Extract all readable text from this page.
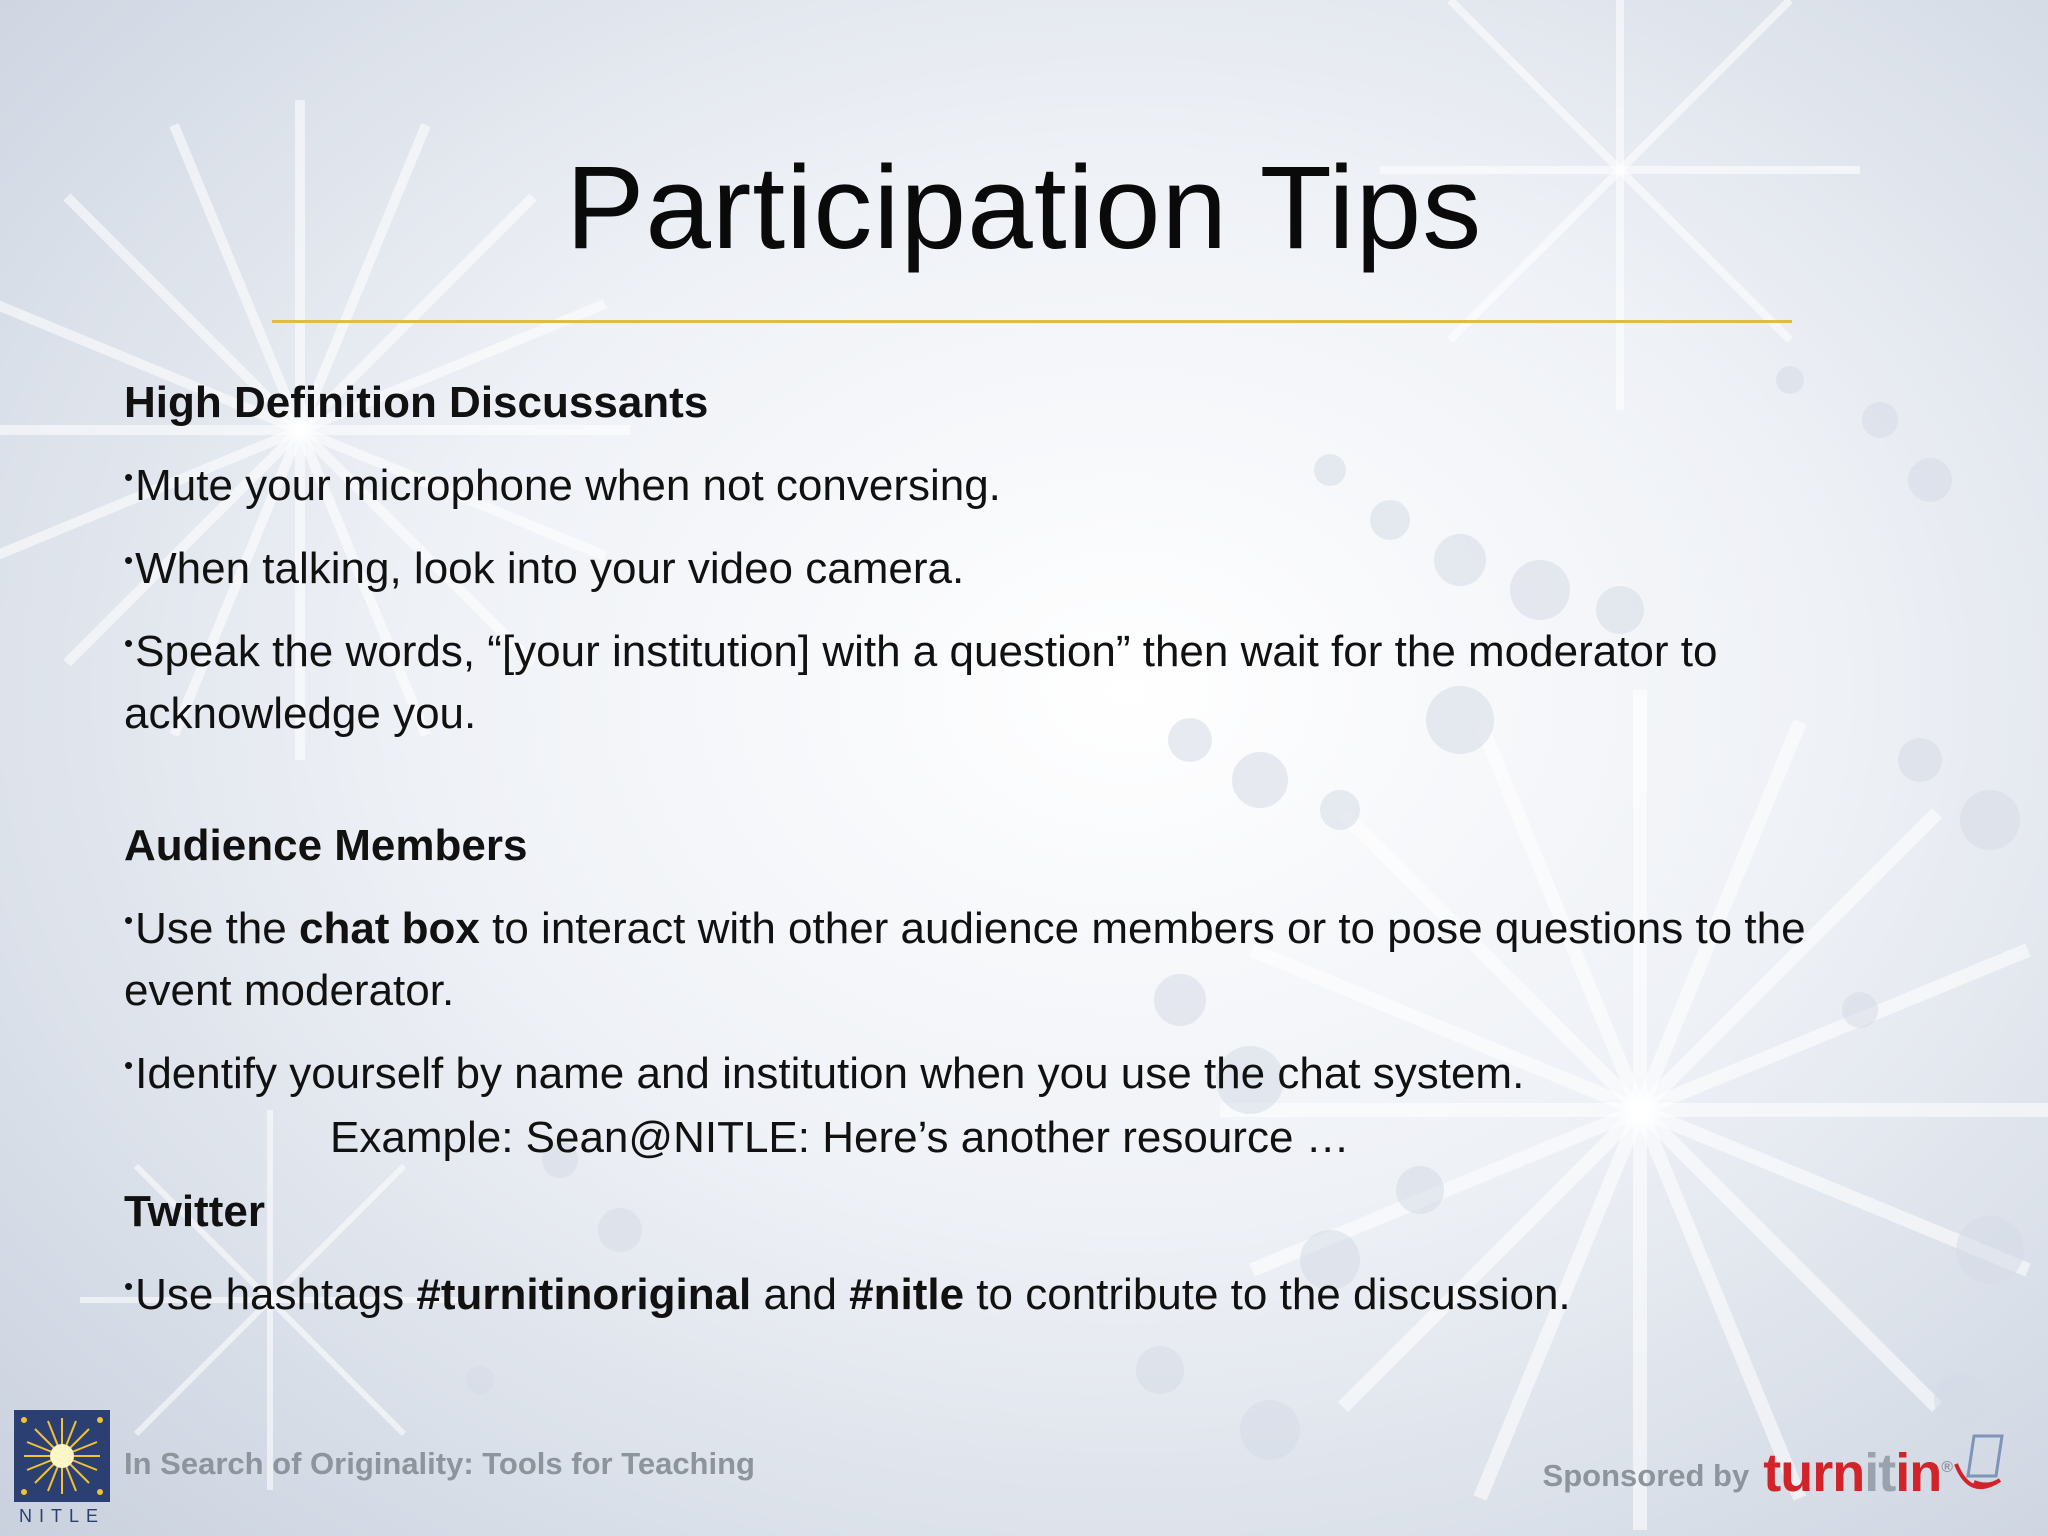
Participation Tips
High Definition Discussants
•Mute your microphone when not conversing.
•When talking, look into your video camera.
•Speak the words, “[your institution] with a question” then wait for the moderator to acknowledge you.
Audience Members
•Use the chat box to interact with other audience members or to pose questions to the event moderator.
•Identify yourself by name and institution when you use the chat system.
Example: Sean@NITLE: Here’s another resource …
Twitter
•Use hashtags #turnitinoriginal and #nitle to contribute to the discussion.
NITLE
In Search of Originality: Tools for Teaching	Sponsored by turnitin®
